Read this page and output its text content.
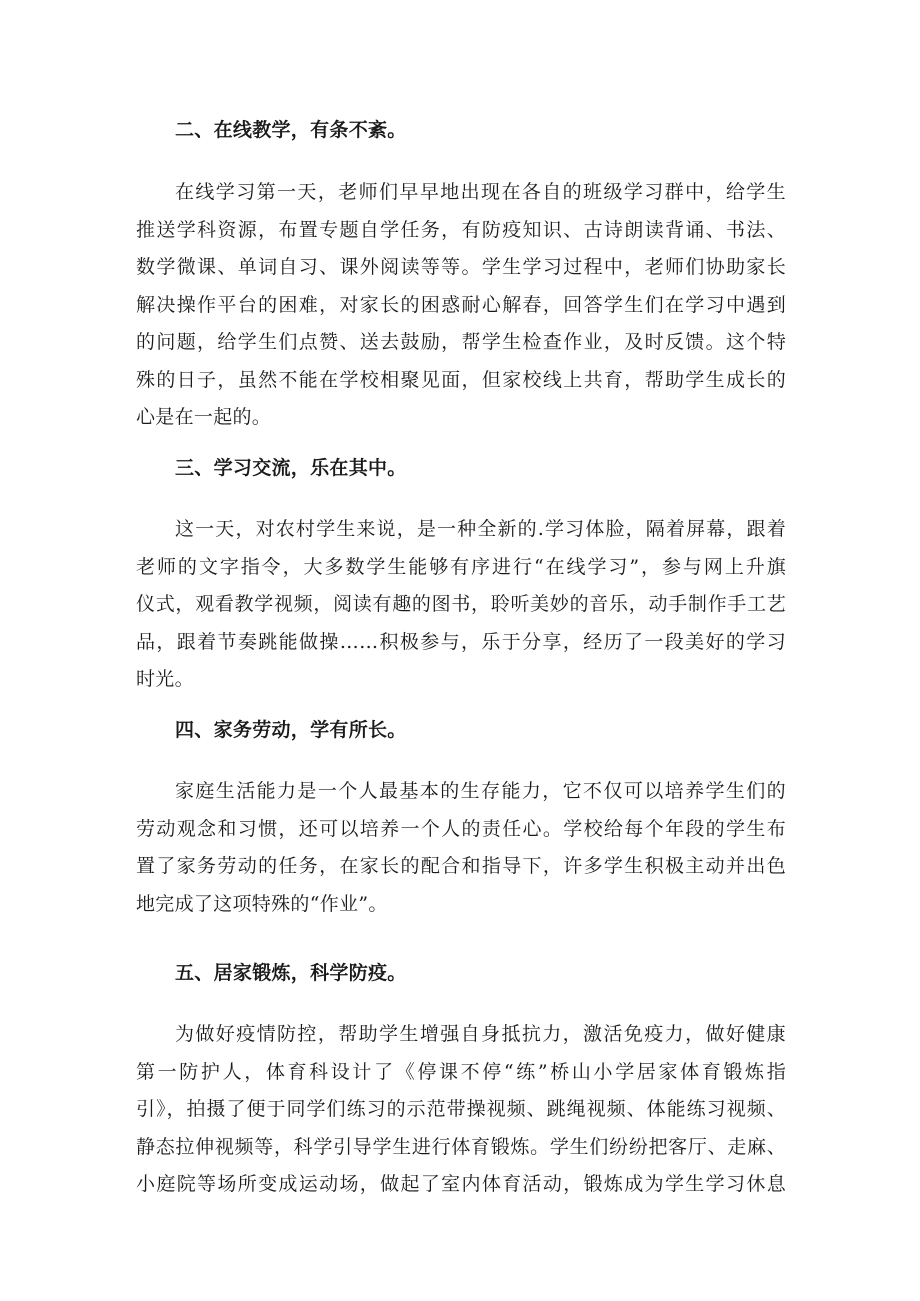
二、在线教学，有条不紊。

在线学习第一天，老师们早早地出现在各自的班级学习群中，给学生
推送学科资源，布置专题自学任务，有防疫知识、古诗朗读背诵、书法、
数学微课、单词自习、课外阅读等等。学生学习过程中，老师们协助家长
解决操作平台的困难，对家长的困惑耐心解春，回答学生们在学习中遇到
的问题，给学生们点赞、送去鼓励，帮学生检查作业，及时反馈。这个特
殊的日子，虽然不能在学校相聚见面，但家校线上共育，帮助学生成长的
心是在一起的。

三、学习交流，乐在其中。

这一天，对农村学生来说，是一种全新的.学习体脸，隔着屏幕，跟着
老师的文字指令，大多数学生能够有序进行“在线学习”，参与网上升旗
仪式，观看教学视频，阅读有趣的图书，聆听美妙的音乐，动手制作手工艺
品，跟着节奏跳能做操……积极参与，乐于分享，经历了一段美好的学习
时光。

四、家务劳动，学有所长。

家庭生活能力是一个人最基本的生存能力，它不仅可以培养学生们的
劳动观念和习惯，还可以培养一个人的责任心。学校给每个年段的学生布
置了家务劳动的任务，在家长的配合和指导下，许多学生积极主动并出色
地完成了这项特殊的“作业”。

五、居家锻炼，科学防疫。

为做好疫情防控，帮助学生增强自身抵抗力，激活免疫力，做好健康
第一防护人，体育科设计了《停课不停“练”桥山小学居家体育锻炼指
引》，拍摄了便于同学们练习的示范带操视频、跳绳视频、体能练习视频、
静态拉伸视频等，科学引导学生进行体育锻炼。学生们纷纷把客厅、走麻、
小庭院等场所变成运动场，做起了室内体育活动，锻炼成为学生学习休息
